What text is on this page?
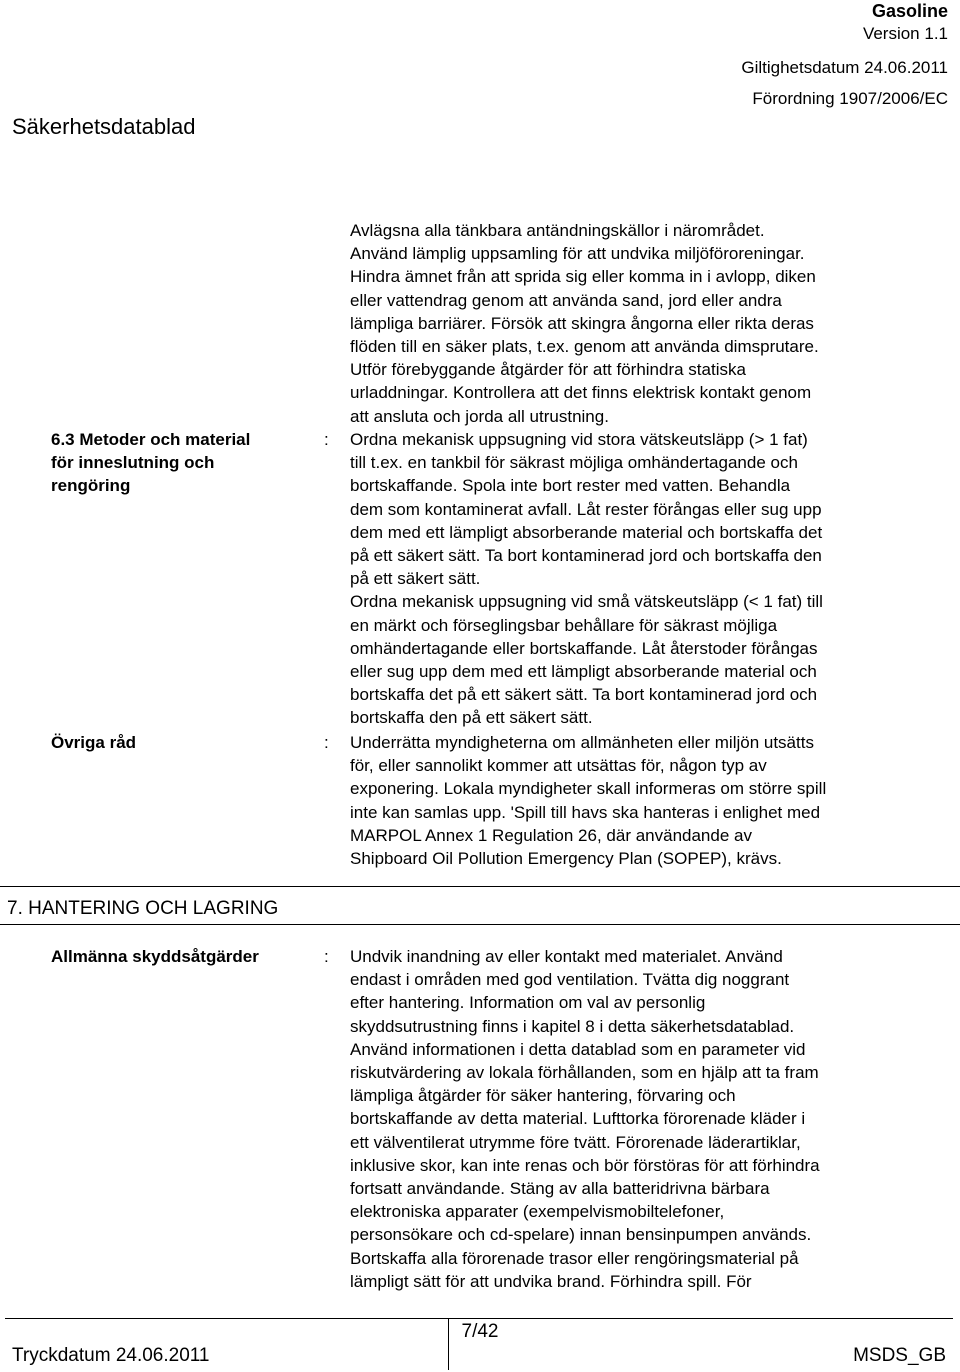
Gasoline
Version 1.1
Giltighetsdatum 24.06.2011
Förordning 1907/2006/EC
Säkerhetsdatablad
Avlägsna alla tänkbara antändningskällor i närområdet.
Använd lämplig uppsamling för att undvika miljöföroreningar.
Hindra ämnet från att sprida sig eller komma in i avlopp, diken
eller vattendrag genom att använda sand, jord eller andra
lämpliga barriärer. Försök att skingra ångorna eller rikta deras
flöden till en säker plats, t.ex. genom att använda dimsprutare.
Utför förebyggande åtgärder för att förhindra statiska
urladdningar. Kontrollera att det finns elektrisk kontakt genom
att ansluta och jorda all utrustning.
6.3 Metoder och material
för inneslutning och
rengöring
: Ordna mekanisk uppsugning vid stora vätskeutsläpp (> 1 fat)
till t.ex. en tankbil för säkrast möjliga omhändertagande och
bortskaffande. Spola inte bort rester med vatten. Behandla
dem som kontaminerat avfall. Låt rester förångas eller sug upp
dem med ett lämpligt absorberande material och bortskaffa det
på ett säkert sätt. Ta bort kontaminerad jord och bortskaffa den
på ett säkert sätt.
Ordna mekanisk uppsugning vid små vätskeutsläpp (< 1 fat) till
en märkt och förseglingsbar behållare för säkrast möjliga
omhändertagande eller bortskaffande. Låt återstoder förångas
eller sug upp dem med ett lämpligt absorberande material och
bortskaffa det på ett säkert sätt. Ta bort kontaminerad jord och
bortskaffa den på ett säkert sätt.
Övriga råd	: Underrätta myndigheterna om allmänheten eller miljön utsätts
för, eller sannolikt kommer att utsättas för, någon typ av
exponering. Lokala myndigheter skall informeras om större spill
inte kan samlas upp. 'Spill till havs ska hanteras i enlighet med
MARPOL Annex 1 Regulation 26, där användande av
Shipboard Oil Pollution Emergency Plan (SOPEP), krävs.
7. HANTERING OCH LAGRING
Allmänna skyddsåtgärder	: Undvik inandning av eller kontakt med materialet. Använd
endast i områden med god ventilation. Tvätta dig noggrant
efter hantering. Information om val av personlig
skyddsutrustning finns i kapitel 8 i detta säkerhetsdatablad.
Använd informationen i detta datablad som en parameter vid
riskutvärdering av lokala förhållanden, som en hjälp att ta fram
lämpliga åtgärder för säker hantering, förvaring och
bortskaffande av detta material. Lufttorka förorenade kläder i
ett välventilerat utrymme före tvätt. Förorenade läderartiklar,
inklusive skor, kan inte renas och bör förstöras för att förhindra
fortsatt användande. Stäng av alla batteridrivna bärbara
elektroniska apparater (exempelvismobiltelefoner,
personsökare och cd-spelare) innan bensinpumpen används.
Bortskaffa alla förorenade trasor eller rengöringsmaterial på
lämpligt sätt för att undvika brand. Förhindra spill. För
Tryckdatum 24.06.2011
7/42
MSDS_GB
